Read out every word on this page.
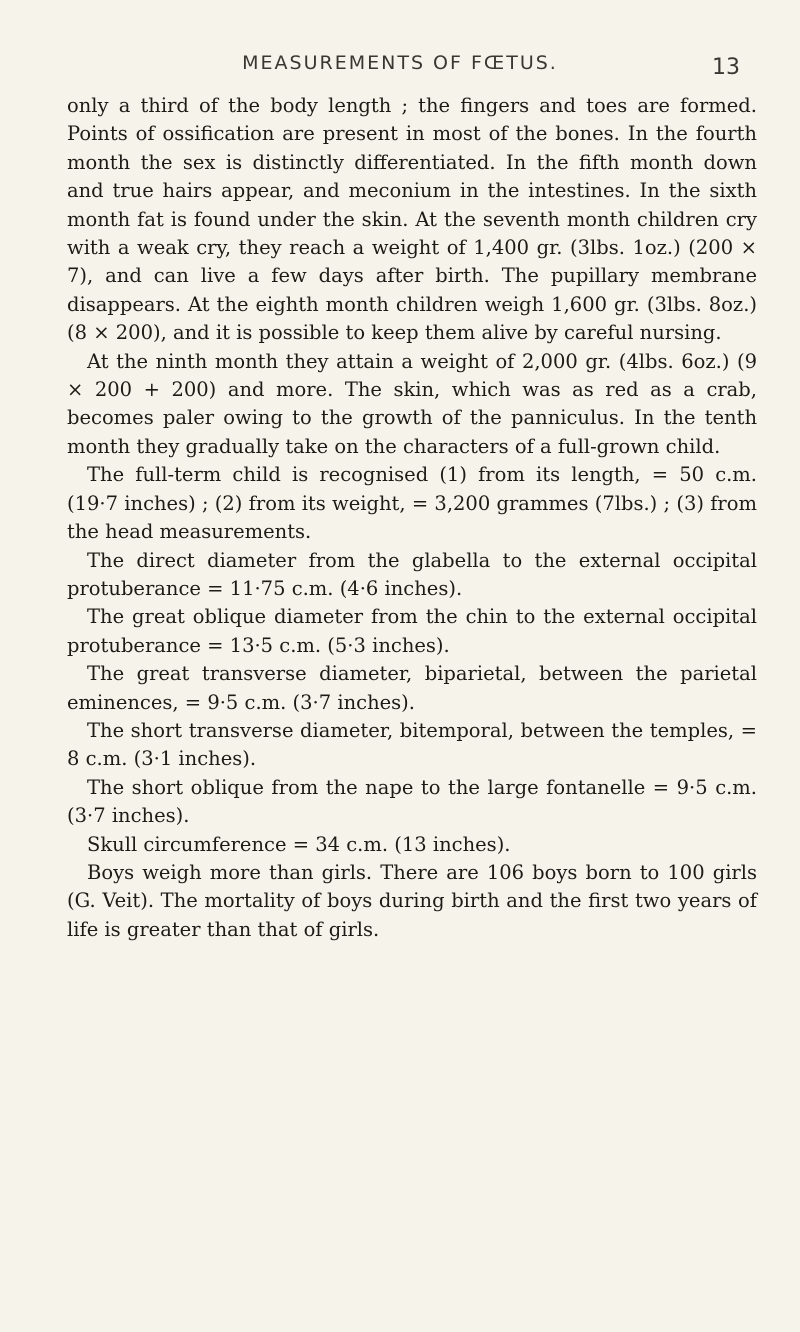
MEASUREMENTS OF FŒTUS.	13

only a third of the body length ; the fingers and toes are formed. Points of ossification are present in most of the bones. In the fourth month the sex is distinctly differentiated. In the fifth month down and true hairs appear, and meconium in the intestines. In the sixth month fat is found under the skin. At the seventh month children cry with a weak cry, they reach a weight of 1,400 gr. (3lbs. 1oz.) (200 × 7), and can live a few days after birth. The pupillary membrane disappears. At the eighth month children weigh 1,600 gr. (3lbs. 8oz.) (8 × 200), and it is possible to keep them alive by careful nursing.

At the ninth month they attain a weight of 2,000 gr. (4lbs. 6oz.) (9 × 200 + 200) and more. The skin, which was as red as a crab, becomes paler owing to the growth of the panniculus. In the tenth month they gradually take on the characters of a full-grown child.

The full-term child is recognised (1) from its length, = 50 c.m. (19·7 inches) ; (2) from its weight, = 3,200 grammes (7lbs.) ; (3) from the head measurements.

The direct diameter from the glabella to the external occipital protuberance = 11·75 c.m. (4·6 inches).

The great oblique diameter from the chin to the external occipital protuberance = 13·5 c.m. (5·3 inches).

The great transverse diameter, biparietal, between the parietal eminences, = 9·5 c.m. (3·7 inches).

The short transverse diameter, bitemporal, between the temples, = 8 c.m. (3·1 inches).

The short oblique from the nape to the large fontanelle = 9·5 c.m. (3·7 inches).

Skull circumference = 34 c.m. (13 inches).

Boys weigh more than girls. There are 106 boys born to 100 girls (G. Veit). The mortality of boys during birth and the first two years of life is greater than that of girls.
